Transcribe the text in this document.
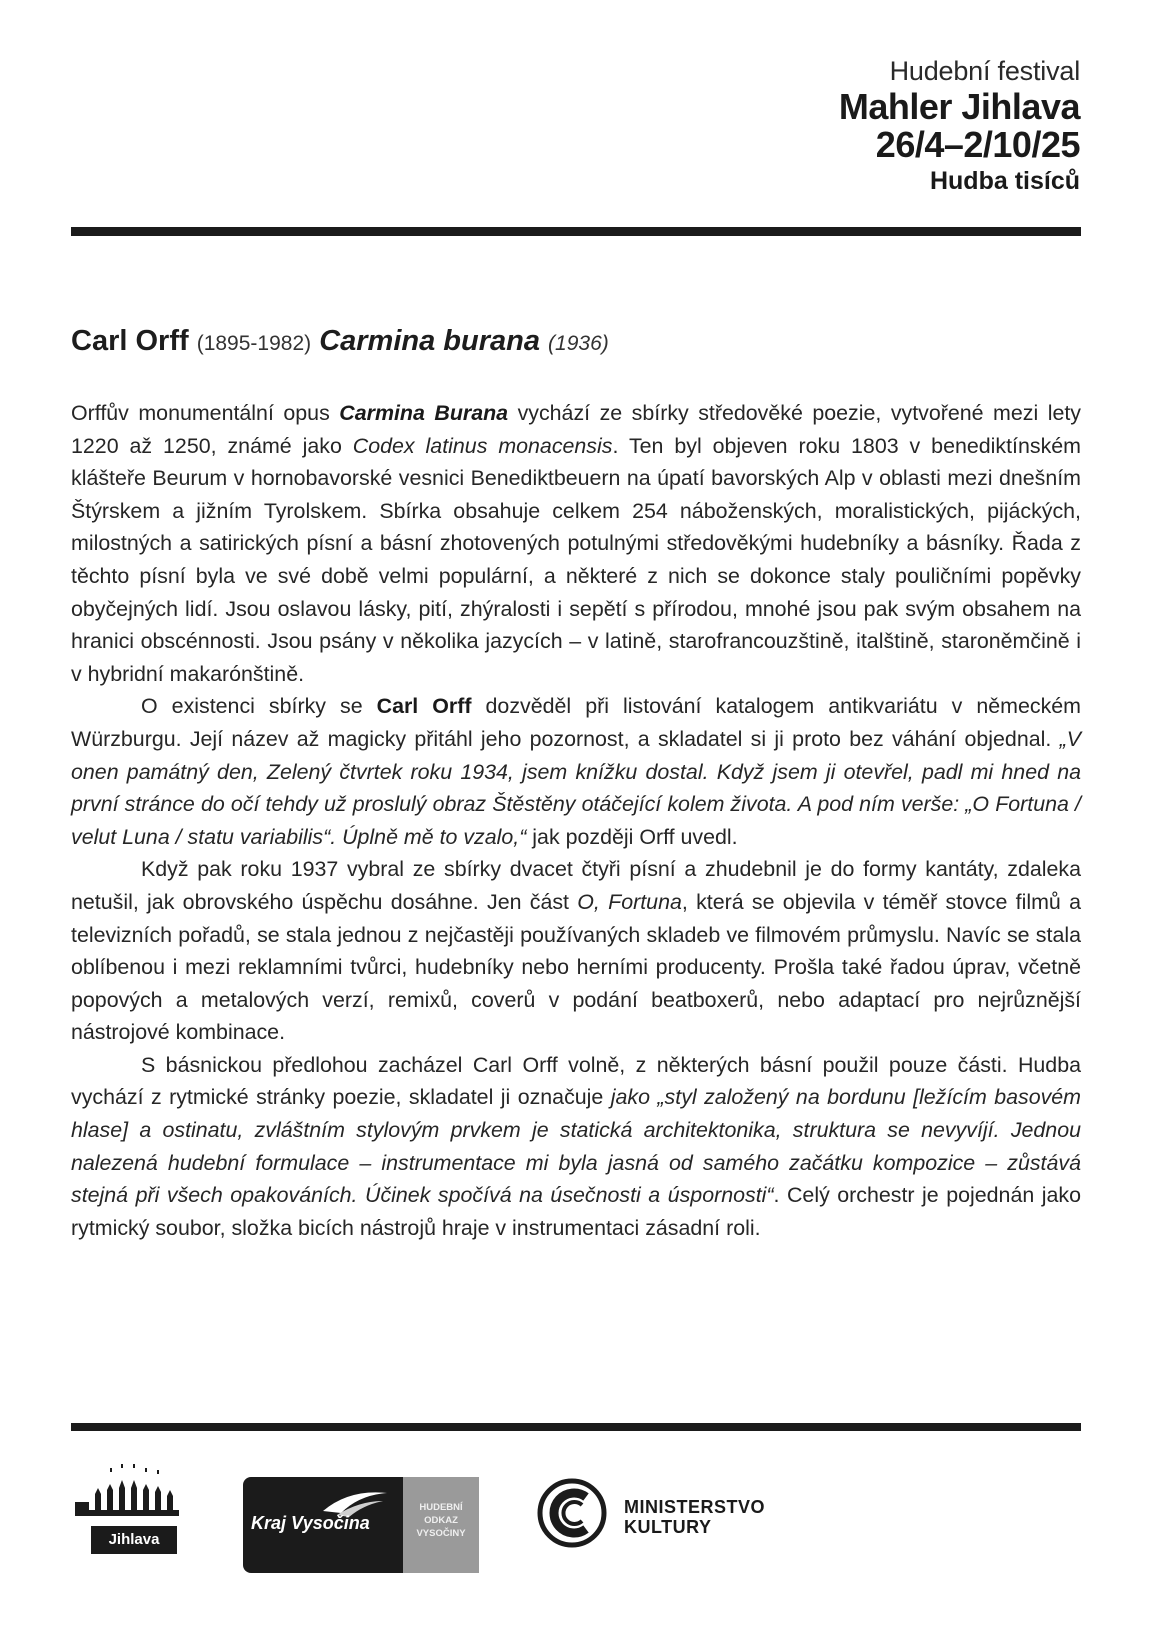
Hudební festival
Mahler Jihlava
26/4–2/10/25
Hudba tisíců
Carl Orff (1895-1982) Carmina burana (1936)

Orffův monumentální opus Carmina Burana vychází ze sbírky středověké poezie, vytvořené mezi lety 1220 až 1250, známé jako Codex latinus monacensis. Ten byl objeven roku 1803 v benediktínském klášteře Beurum v hornobavorské vesnici Benediktbeuern na úpatí bavorských Alp v oblasti mezi dnešním Štýrskem a jižním Tyrolskem. Sbírka obsahuje celkem 254 náboženských, moralistických, pijáckých, milostných a satirických písní a básní zhotovených potulnými středověkými hudebníky a básníky. Řada z těchto písní byla ve své době velmi populární, a některé z nich se dokonce staly pouličními popěvky obyčejných lidí. Jsou oslavou lásky, pití, zhýralosti i sepětí s přírodou, mnohé jsou pak svým obsahem na hranici obscénnosti. Jsou psány v několika jazycích – v latině, starofrancouzštině, italštině, staroněmčině i v hybridní makarónštině.

O existenci sbírky se Carl Orff dozvěděl při listování katalogem antikvariátu v německém Würzburgu. Její název až magicky přitáhl jeho pozornost, a skladatel si ji proto bez váhání objednal. „V onen památný den, Zelený čtvrtek roku 1934, jsem knížku dostal. Když jsem ji otevřel, padl mi hned na první stránce do očí tehdy už proslulý obraz Štěstěny otáčející kolem života. A pod ním verše: „O Fortuna / velut Luna / statu variabilis“. Úplně mě to vzalo,“ jak později Orff uvedl.

Když pak roku 1937 vybral ze sbírky dvacet čtyři písní a zhudebnil je do formy kantáty, zdaleka netušil, jak obrovského úspěchu dosáhne. Jen část O, Fortuna, která se objevila v téměř stovce filmů a televizních pořadů, se stala jednou z nejčastěji používaných skladeb ve filmovém průmyslu. Navíc se stala oblíbenou i mezi reklamními tvůrci, hudebníky nebo herními producenty. Prošla také řadou úprav, včetně popových a metalových verzí, remixů, coverů v podání beatboxerů, nebo adaptací pro nejrůznější nástrojové kombinace.

S básnickou předlohou zacházel Carl Orff volně, z některých básní použil pouze části. Hudba vychází z rytmické stránky poezie, skladatel ji označuje jako „styl založený na bordunu [ležícím basovém hlase] a ostinatu, zvláštním stylovým prvkem je statická architektonika, struktura se nevyvíjí. Jednou nalezená hudební formulace – instrumentace mi byla jasná od samého začátku kompozice – zůstává stejná při všech opakováních. Účinek spočívá na úsečnosti a úspornosti“. Celý orchestr je pojednán jako rytmický soubor, složka bicích nástrojů hraje v instrumentaci zásadní roli.

Jihlava
Kraj Vysočina
HUDEBNÍ
ODKAZ
VYSOČINY
MINISTERSTVO
KULTURY
